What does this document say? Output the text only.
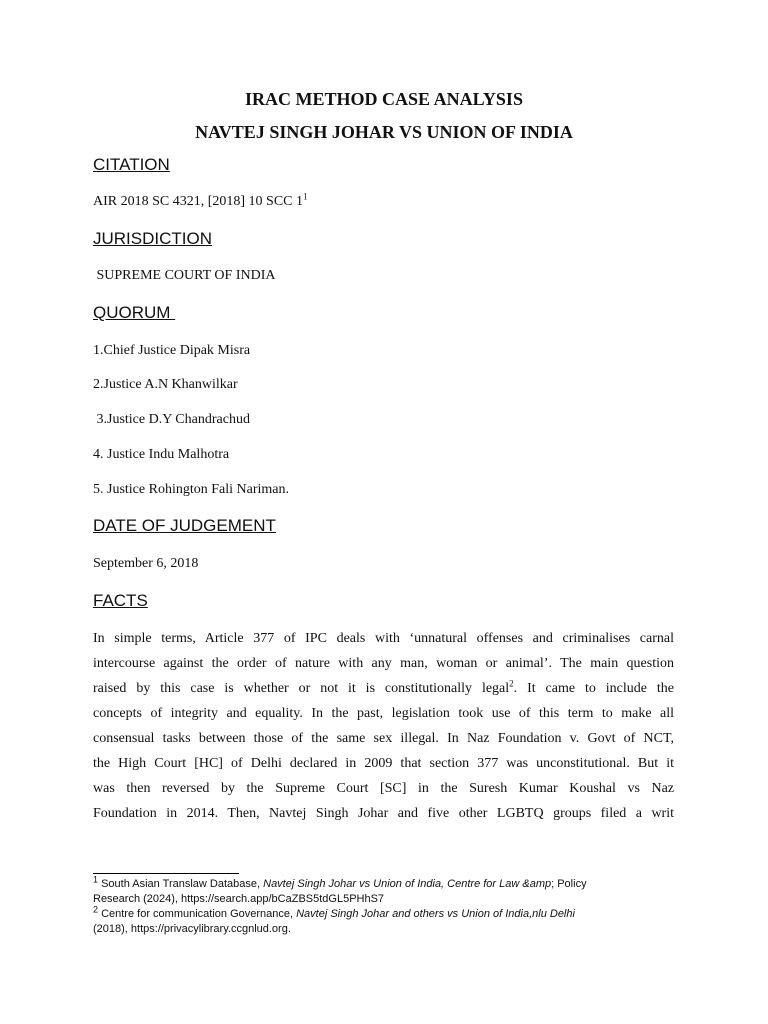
IRAC METHOD CASE ANALYSIS
NAVTEJ SINGH JOHAR VS UNION OF INDIA
CITATION
AIR 2018 SC 4321, [2018] 10 SCC $1^1$
JURISDICTION
SUPREME COURT OF INDIA
QUORUM
1.Chief Justice Dipak Misra
2.Justice A.N Khanwilkar
3.Justice D.Y Chandrachud
4. Justice Indu Malhotra
5. Justice Rohington Fali Nariman.
DATE OF JUDGEMENT
September 6, 2018
FACTS
In simple terms, Article 377 of IPC deals with ‘unnatural offenses and criminalises carnal
intercourse against the order of nature with any man, woman or animal’. The main question
raised by this case is whether or not it is constitutionally legal$^2$. It came to include the
concepts of integrity and equality. In the past, legislation took use of this term to make all
consensual tasks between those of the same sex illegal. In Naz Foundation v. Govt of NCT,
the High Court [HC] of Delhi declared in 2009 that section 377 was unconstitutional. But it
was then reversed by the Supreme Court [SC] in the Suresh Kumar Koushal vs Naz
Foundation in 2014. Then, Navtej Singh Johar and five other LGBTQ groups filed a writ
$^1$ South Asian Translaw Database, Navtej Singh Johar vs Union of India, Centre for Law &amp; Policy
Research (2024), https://search.app/bCaZBS5tdGL5PHhS7
$^2$ Centre for communication Governance, Navtej Singh Johar and others vs Union of India,nlu Delhi
(2018), https://privacylibrary.ccgnlud.org.
